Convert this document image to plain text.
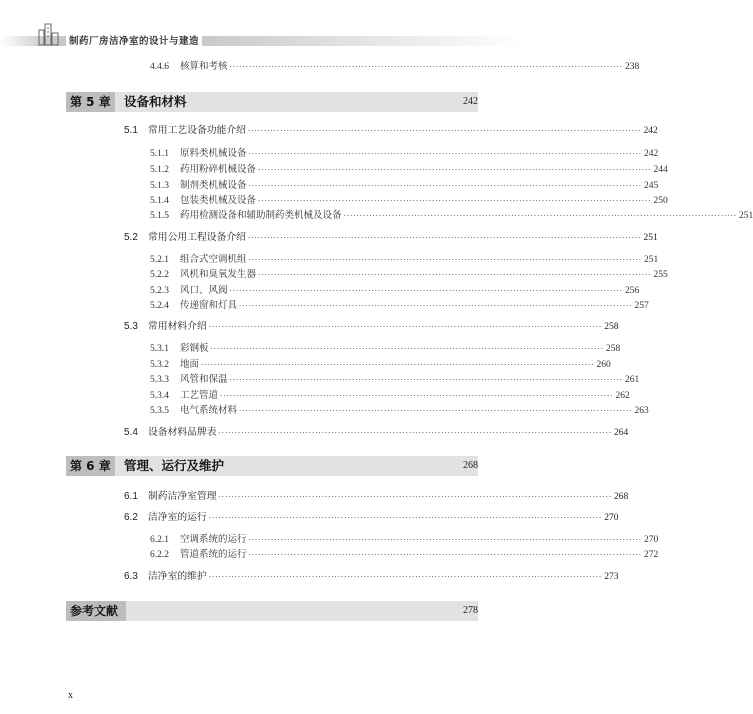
制药厂房洁净室的设计与建造
4.4.6	核算和考核 ·························································································································· 238
第 5 章	设备和材料	242
5.1	常用工艺设备功能介绍 ·························································································································· 242
5.1.1	原料类机械设备 ·························································································································· 242
5.1.2	药用粉碎机械设备 ·························································································································· 244
5.1.3	制剂类机械设备 ·························································································································· 245
5.1.4	包装类机械及设备 ·························································································································· 250
5.1.5	药用检测设备和辅助制药类机械及设备 ·························································································································· 251
5.2	常用公用工程设备介绍 ·························································································································· 251
5.2.1	组合式空调机组 ·························································································································· 251
5.2.2	风机和臭氧发生器 ·························································································································· 255
5.2.3	风口、风阀 ·························································································································· 256
5.2.4	传递窗和灯具 ·························································································································· 257
5.3	常用材料介绍 ·························································································································· 258
5.3.1	彩钢板 ·························································································································· 258
5.3.2	地面 ·························································································································· 260
5.3.3	风管和保温 ·························································································································· 261
5.3.4	工艺管道 ·························································································································· 262
5.3.5	电气系统材料 ·························································································································· 263
5.4	设备材料品牌表 ·························································································································· 264
第 6 章	管理、运行及维护	268
6.1	制药洁净室管理 ·························································································································· 268
6.2	洁净室的运行 ·························································································································· 270
6.2.1	空调系统的运行 ·························································································································· 270
6.2.2	管道系统的运行 ·························································································································· 272
6.3	洁净室的维护 ·························································································································· 273
参考文献	278
x
